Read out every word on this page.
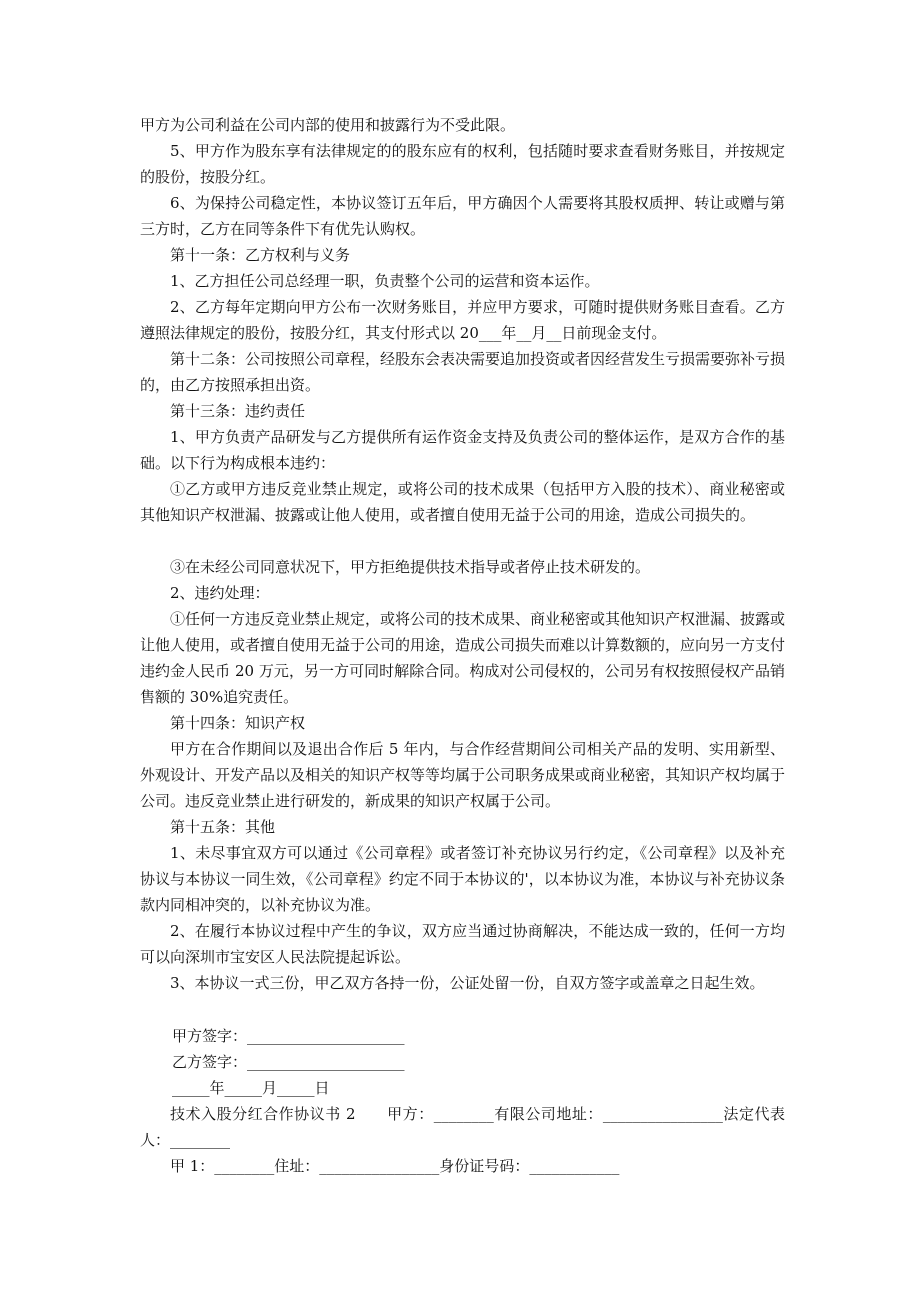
甲方为公司利益在公司内部的使用和披露行为不受此限。

5、甲方作为股东享有法律规定的的股东应有的权利，包括随时要求查看财务账目，并按规定的股份，按股分红。

6、为保持公司稳定性，本协议签订五年后，甲方确因个人需要将其股权质押、转让或赠与第三方时，乙方在同等条件下有优先认购权。

第十一条：乙方权利与义务

1、乙方担任公司总经理一职，负责整个公司的运营和资本运作。

2、乙方每年定期向甲方公布一次财务账目，并应甲方要求，可随时提供财务账目查看。乙方遵照法律规定的股份，按股分红，其支付形式以 20___年__月__日前现金支付。

第十二条：公司按照公司章程，经股东会表决需要追加投资或者因经营发生亏损需要弥补亏损的，由乙方按照承担出资。

第十三条：违约责任

1、甲方负责产品研发与乙方提供所有运作资金支持及负责公司的整体运作，是双方合作的基础。以下行为构成根本违约：

①乙方或甲方违反竞业禁止规定，或将公司的技术成果（包括甲方入股的技术）、商业秘密或其他知识产权泄漏、披露或让他人使用，或者擅自使用无益于公司的用途，造成公司损失的。

③在未经公司同意状况下，甲方拒绝提供技术指导或者停止技术研发的。

2、违约处理：

①任何一方违反竞业禁止规定，或将公司的技术成果、商业秘密或其他知识产权泄漏、披露或让他人使用，或者擅自使用无益于公司的用途，造成公司损失而难以计算数额的，应向另一方支付违约金人民币 20 万元，另一方可同时解除合同。构成对公司侵权的，公司另有权按照侵权产品销售额的 30%追究责任。

第十四条：知识产权

甲方在合作期间以及退出合作后 5 年内，与合作经营期间公司相关产品的发明、实用新型、外观设计、开发产品以及相关的知识产权等等均属于公司职务成果或商业秘密，其知识产权均属于公司。违反竞业禁止进行研发的，新成果的知识产权属于公司。

第十五条：其他

1、未尽事宜双方可以通过《公司章程》或者签订补充协议另行约定，《公司章程》以及补充协议与本协议一同生效，《公司章程》约定不同于本协议的'，以本协议为准，本协议与补充协议条款内同相冲突的，以补充协议为准。

2、在履行本协议过程中产生的争议，双方应当通过协商解决，不能达成一致的，任何一方均可以向深圳市宝安区人民法院提起诉讼。

3、本协议一式三份，甲乙双方各持一份，公证处留一份，自双方签字或盖章之日起生效。

甲方签字：_____________________

乙方签字：_____________________

_____年_____月_____日

技术入股分红合作协议书 2　　甲方：________有限公司地址：________________法定代表人：________

甲 1：________住址：________________身份证号码：____________
